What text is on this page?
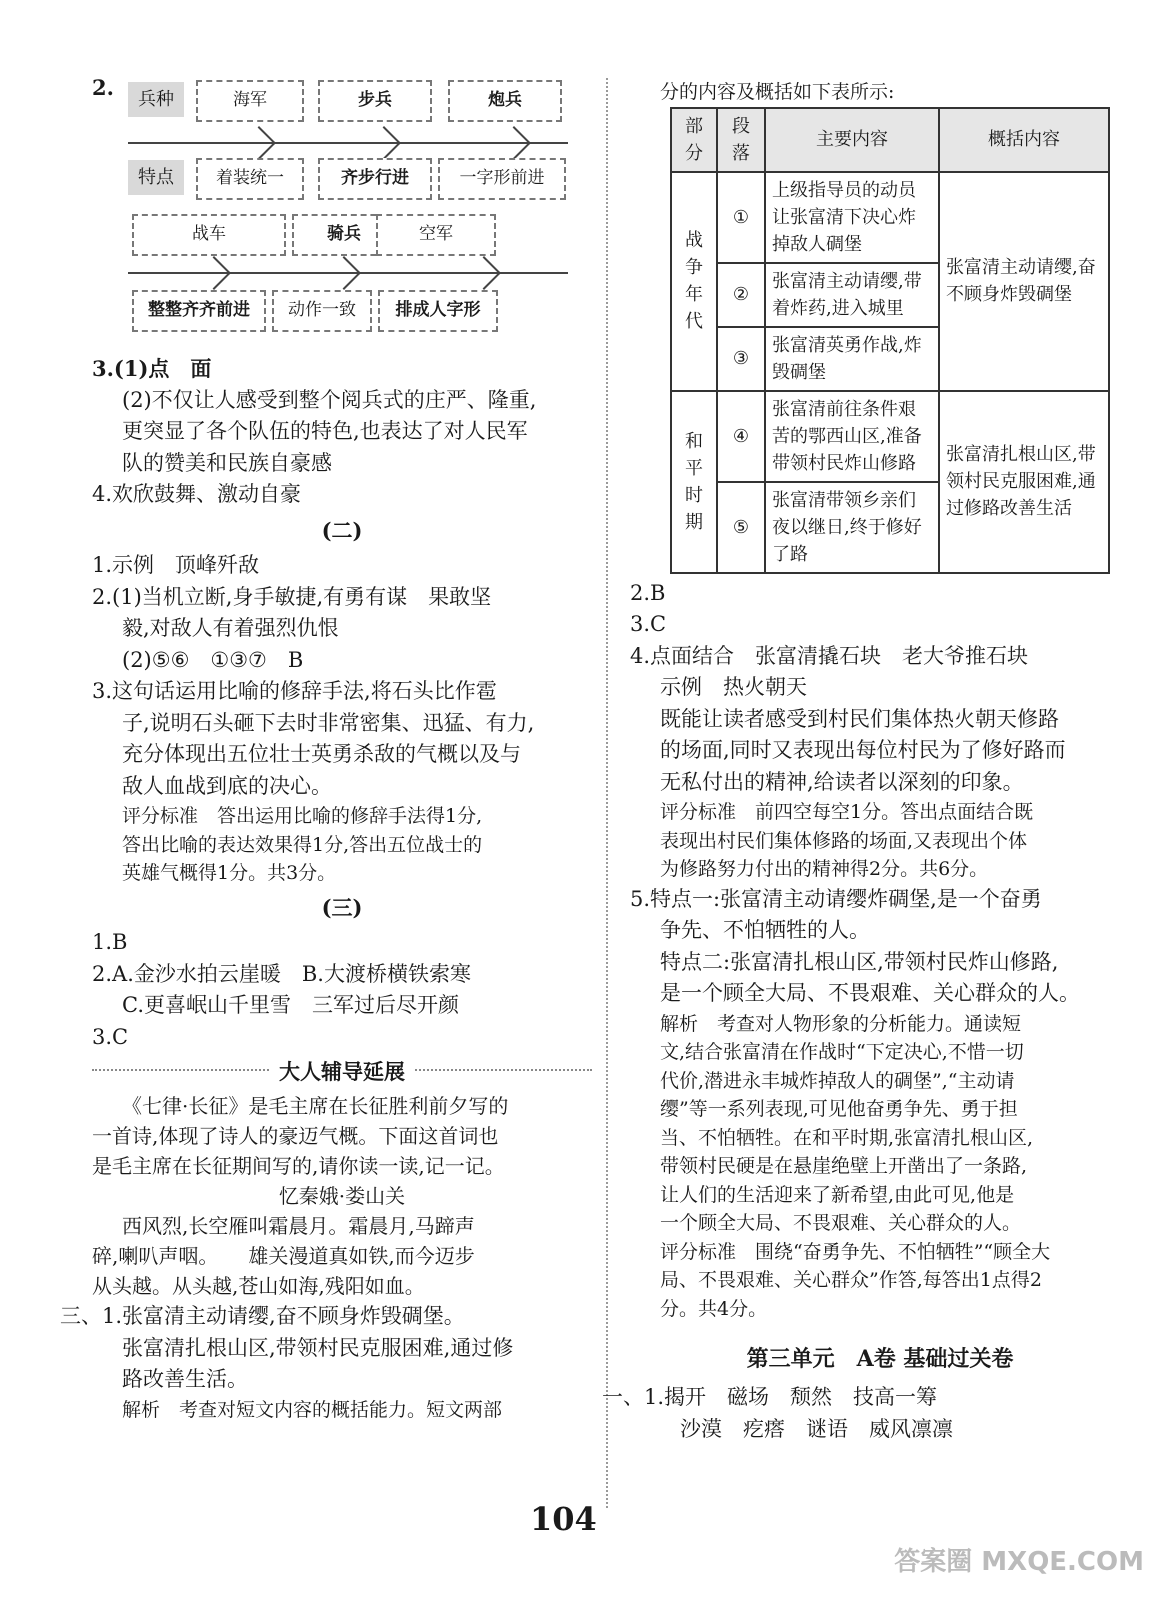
2.	兵种	海军	步兵	炮兵
特点	着装统一	齐步行进	一字形前进
战车	骑兵	空军
整整齐齐前进	动作一致	排成人字形

3.(1)点　面

(2)不仅让人感受到整个阅兵式的庄严、隆重,

更突显了各个队伍的特色,也表达了对人民军

队的赞美和民族自豪感

4.欢欣鼓舞、激动自豪

(二)

1.示例　顶峰歼敌

2.(1)当机立断,身手敏捷,有勇有谋　果敢坚

毅,对敌人有着强烈仇恨

(2)⑤⑥　①③⑦　B

3.这句话运用比喻的修辞手法,将石头比作雹

子,说明石头砸下去时非常密集、迅猛、有力,

充分体现出五位壮士英勇杀敌的气概以及与

敌人血战到底的决心。

评分标准　答出运用比喻的修辞手法得1分,

答出比喻的表达效果得1分,答出五位战士的

英雄气概得1分。共3分。

(三)

1.B

2.A.金沙水拍云崖暖　B.大渡桥横铁索寒

C.更喜岷山千里雪　三军过后尽开颜

3.C

大人辅导延展

《七律·长征》是毛主席在长征胜利前夕写的

一首诗,体现了诗人的豪迈气概。下面这首词也

是毛主席在长征期间写的,请你读一读,记一记。

忆秦娥·娄山关

西风烈,长空雁叫霜晨月。霜晨月,马蹄声

碎,喇叭声咽。　　雄关漫道真如铁,而今迈步

从头越。从头越,苍山如海,残阳如血。

三、1.张富清主动请缨,奋不顾身炸毁碉堡。

张富清扎根山区,带领村民克服困难,通过修

路改善生活。

解析　考查对短文内容的概括能力。短文两部

分的内容及概括如下表所示:

部分	段落	主要内容	概括内容
战争年代	①	上级指导员的动员让张富清下决心炸掉敌人碉堡	张富清主动请缨,奋不顾身炸毁碉堡
	②	张富清主动请缨,带着炸药,进入城里	
	③	张富清英勇作战,炸毁碉堡	
和平时期	④	张富清前往条件艰苦的鄂西山区,准备带领村民炸山修路	张富清扎根山区,带领村民克服困难,通过修路改善生活
	⑤	张富清带领乡亲们夜以继日,终于修好了路	

2.B

3.C

4.点面结合　张富清撬石块　老大爷推石块

示例　热火朝天

既能让读者感受到村民们集体热火朝天修路

的场面,同时又表现出每位村民为了修好路而

无私付出的精神,给读者以深刻的印象。

评分标准　前四空每空1分。答出点面结合既

表现出村民们集体修路的场面,又表现出个体

为修路努力付出的精神得2分。共6分。

5.特点一:张富清主动请缨炸碉堡,是一个奋勇

争先、不怕牺牲的人。

特点二:张富清扎根山区,带领村民炸山修路,

是一个顾全大局、不畏艰难、关心群众的人。

解析　考查对人物形象的分析能力。通读短

文,结合张富清在作战时“下定决心,不惜一切

代价,潜进永丰城炸掉敌人的碉堡”,“主动请

缨”等一系列表现,可见他奋勇争先、勇于担

当、不怕牺牲。在和平时期,张富清扎根山区,

带领村民硬是在悬崖绝壁上开凿出了一条路,

让人们的生活迎来了新希望,由此可见,他是

一个顾全大局、不畏艰难、关心群众的人。

评分标准　围绕“奋勇争先、不怕牺牲”“顾全大

局、不畏艰难、关心群众”作答,每答出1点得2

分。共4分。

第三单元　A卷 基础过关卷

一、1.揭开　磁场　颓然　技高一筹

沙漠　疙瘩　谜语　威风凛凛

104
答案圈 MXQE.COM
